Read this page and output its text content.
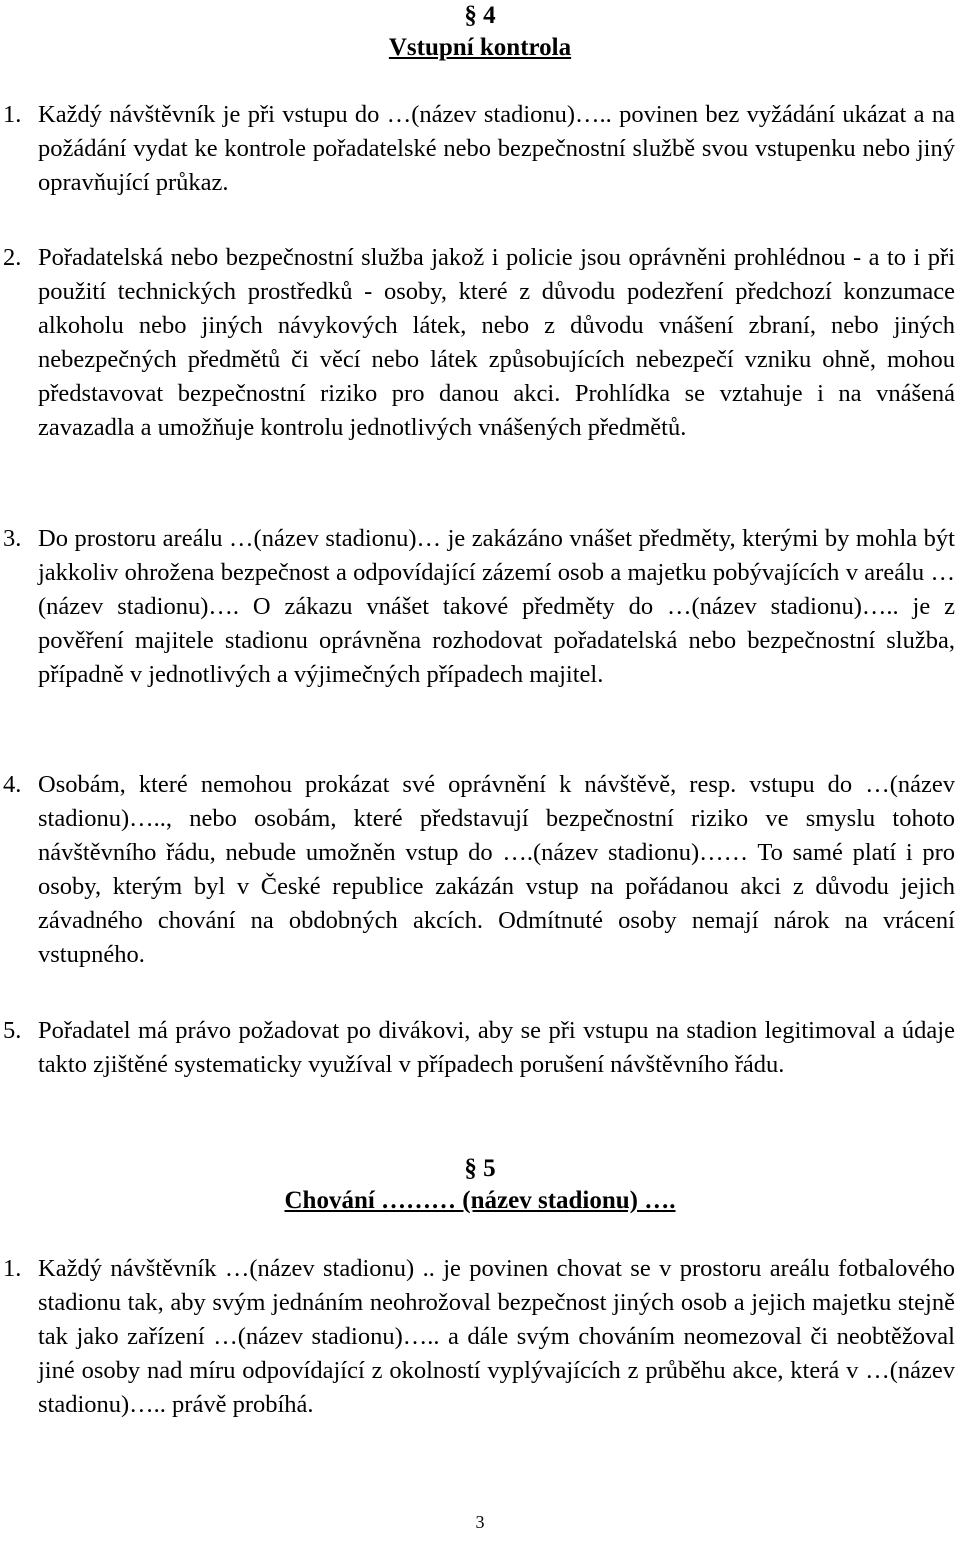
§ 4
Vstupní kontrola
1. Každý návštěvník je při vstupu do …(název stadionu)….. povinen bez vyžádání ukázat a na požádání vydat ke kontrole pořadatelské nebo bezpečnostní službě svou vstupenku nebo jiný opravňující průkaz.
2. Pořadatelská nebo bezpečnostní služba jakož i policie jsou oprávněni prohlédnou - a to i při použití technických prostředků - osoby, které z důvodu podezření předchozí konzumace alkoholu nebo jiných návykových látek, nebo z důvodu vnášení zbraní, nebo jiných nebezpečných předmětů či věcí nebo látek způsobujících nebezpečí vzniku ohně, mohou představovat bezpečnostní riziko pro danou akci. Prohlídka se vztahuje i na vnášená zavazadla a umožňuje kontrolu jednotlivých vnášených předmětů.
3. Do prostoru areálu …(název stadionu)… je zakázáno vnášet předměty, kterými by mohla být jakkoliv ohrožena bezpečnost a odpovídající zázemí osob a majetku pobývajících v areálu …(název stadionu)…. O zákazu vnášet takové předměty do …(název stadionu)….. je z pověření majitele stadionu oprávněna rozhodovat pořadatelská nebo bezpečnostní služba, případně v jednotlivých a výjimečných případech majitel.
4. Osobám, které nemohou prokázat své oprávnění k návštěvě, resp. vstupu do …(název stadionu)….., nebo osobám, které představují bezpečnostní riziko ve smyslu tohoto návštěvního řádu, nebude umožněn vstup do ….(název stadionu)…… To samé platí i pro osoby, kterým byl v České republice zakázán vstup na pořádanou akci z důvodu jejich závadného chování na obdobných akcích. Odmítnuté osoby nemají nárok na vrácení vstupného.
5. Pořadatel má právo požadovat po divákovi, aby se při vstupu na stadion legitimoval a údaje takto zjištěné systematicky využíval v případech porušení návštěvního řádu.
§ 5
Chování ……… (název stadionu) ….
1. Každý návštěvník …(název stadionu) .. je povinen chovat se v prostoru areálu fotbalového stadionu tak, aby svým jednáním neohrožoval bezpečnost jiných osob a jejich majetku stejně tak jako zařízení …(název stadionu)….. a dále svým chováním neomezoval či neobtěžoval jiné osoby nad míru odpovídající z okolností vyplývajících z průběhu akce, která v …(název stadionu)….. právě probíhá.
3
